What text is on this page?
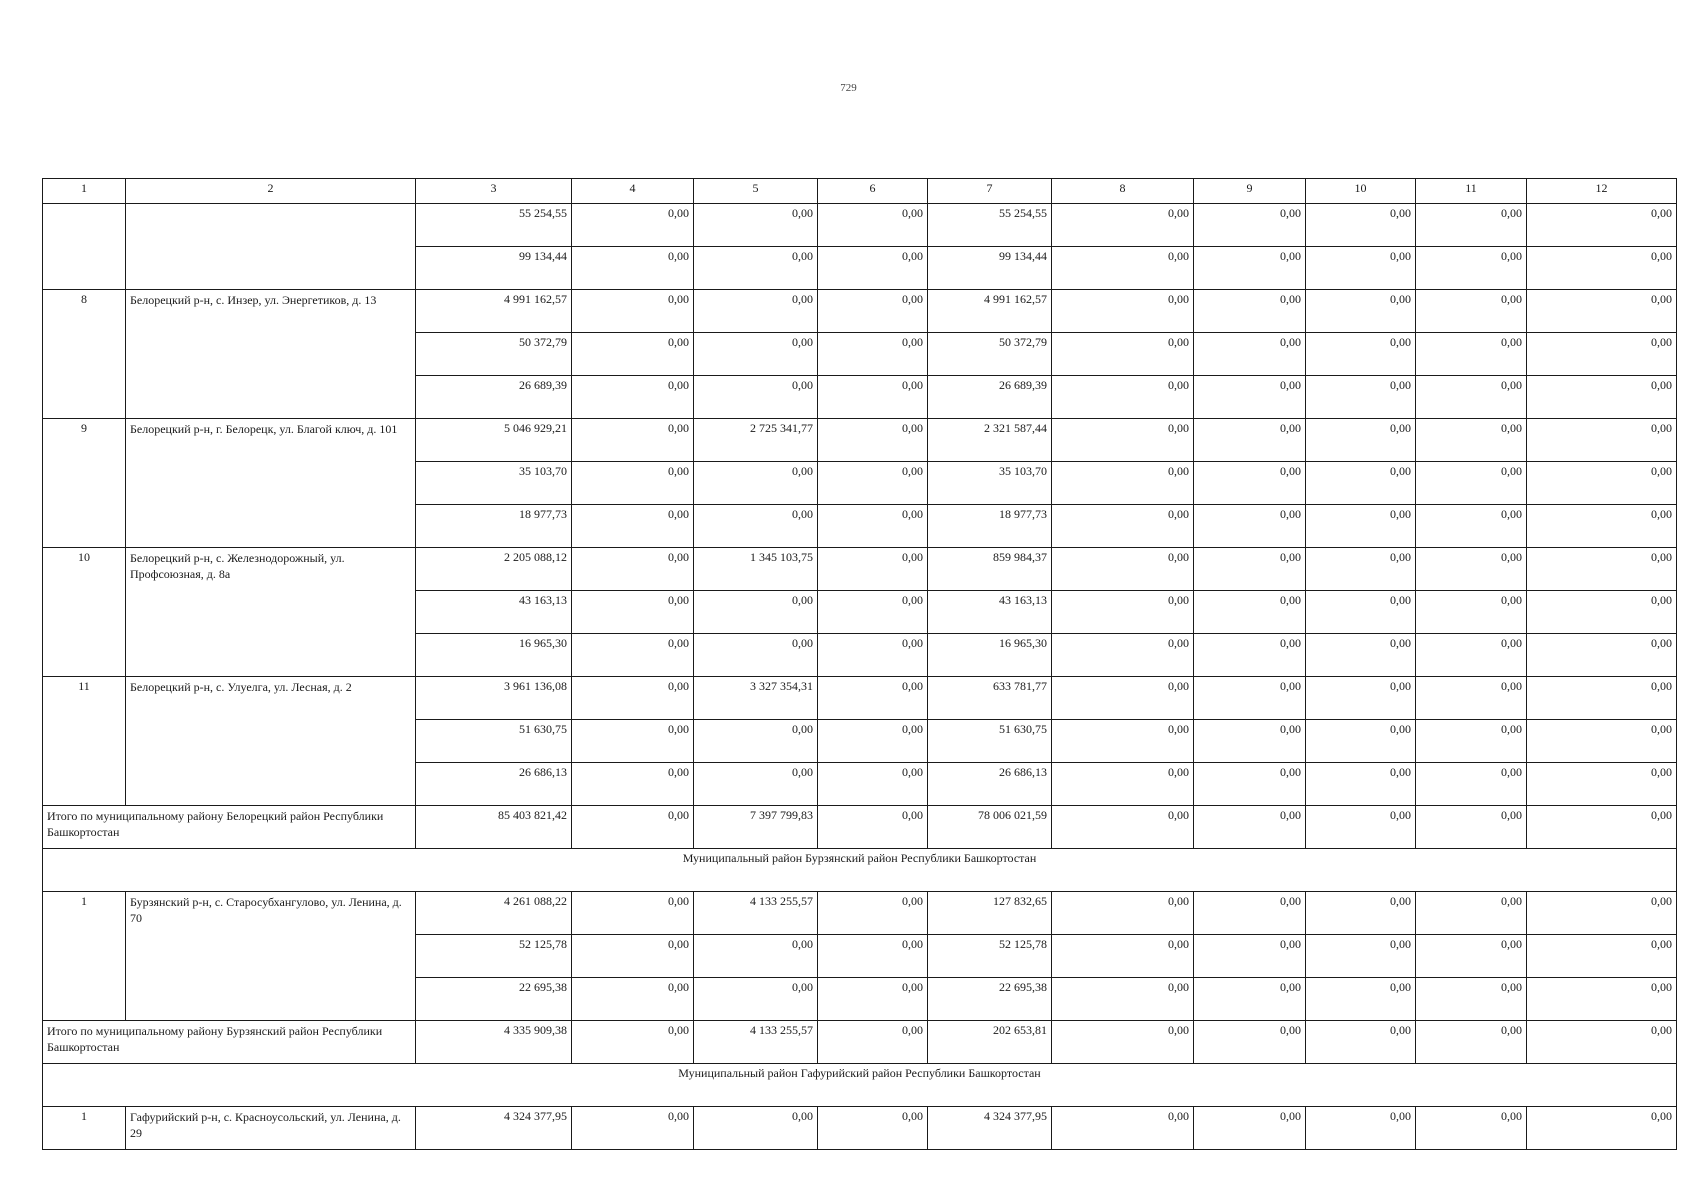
729
1	2	3	4	5	6	7	8	9	10	11	12
		55 254,55	0,00	0,00	0,00	55 254,55	0,00	0,00	0,00	0,00	0,00
		99 134,44	0,00	0,00	0,00	99 134,44	0,00	0,00	0,00	0,00	0,00
8	Белорецкий р-н, с. Инзер, ул. Энергетиков, д. 13	4 991 162,57	0,00	0,00	0,00	4 991 162,57	0,00	0,00	0,00	0,00	0,00
		50 372,79	0,00	0,00	0,00	50 372,79	0,00	0,00	0,00	0,00	0,00
		26 689,39	0,00	0,00	0,00	26 689,39	0,00	0,00	0,00	0,00	0,00
9	Белорецкий р-н, г. Белорецк, ул. Благой ключ, д. 101	5 046 929,21	0,00	2 725 341,77	0,00	2 321 587,44	0,00	0,00	0,00	0,00	0,00
		35 103,70	0,00	0,00	0,00	35 103,70	0,00	0,00	0,00	0,00	0,00
		18 977,73	0,00	0,00	0,00	18 977,73	0,00	0,00	0,00	0,00	0,00
10	Белорецкий р-н, с. Железнодорожный, ул. Профсоюзная, д. 8а	2 205 088,12	0,00	1 345 103,75	0,00	859 984,37	0,00	0,00	0,00	0,00	0,00
		43 163,13	0,00	0,00	0,00	43 163,13	0,00	0,00	0,00	0,00	0,00
		16 965,30	0,00	0,00	0,00	16 965,30	0,00	0,00	0,00	0,00	0,00
11	Белорецкий р-н, с. Улуелга, ул. Лесная, д. 2	3 961 136,08	0,00	3 327 354,31	0,00	633 781,77	0,00	0,00	0,00	0,00	0,00
		51 630,75	0,00	0,00	0,00	51 630,75	0,00	0,00	0,00	0,00	0,00
		26 686,13	0,00	0,00	0,00	26 686,13	0,00	0,00	0,00	0,00	0,00
Итого по муниципальному району Белорецкий район Республики Башкортостан		85 403 821,42	0,00	7 397 799,83	0,00	78 006 021,59	0,00	0,00	0,00	0,00	0,00
Муниципальный район Бурзянский район Республики Башкортостан											
1	Бурзянский р-н, с. Старосубхангулово, ул. Ленина, д. 70	4 261 088,22	0,00	4 133 255,57	0,00	127 832,65	0,00	0,00	0,00	0,00	0,00
		52 125,78	0,00	0,00	0,00	52 125,78	0,00	0,00	0,00	0,00	0,00
		22 695,38	0,00	0,00	0,00	22 695,38	0,00	0,00	0,00	0,00	0,00
Итого по муниципальному району Бурзянский район Республики Башкортостан		4 335 909,38	0,00	4 133 255,57	0,00	202 653,81	0,00	0,00	0,00	0,00	0,00
Муниципальный район Гафурийский район Республики Башкортостан											
1	Гафурийский р-н, с. Красноусольский, ул. Ленина, д. 29	4 324 377,95	0,00	0,00	0,00	4 324 377,95	0,00	0,00	0,00	0,00	0,00
